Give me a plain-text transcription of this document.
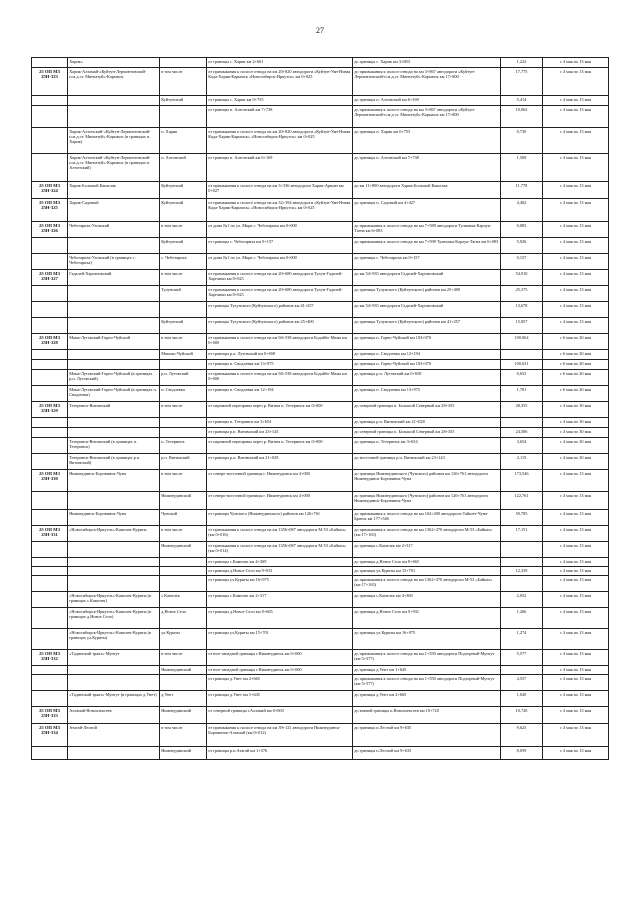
27
	Харик»		от границы с. Харик км 2+661	до границы с. Харик км 3+883	1,222	с 4 мая по 13 мая
25 ОП МЗ 25Н-323	Харик-Алзамай-«Куйтун-Лермонтовский-п.м.д.ст. Мингатуй»-Карымск	в том числе	от примыкания к полосе отвода на км 20+820 автодороги «Куйтун-Уян-Новая Када-Харик-Карымск «Новосибирск-Иркутск» км 0+025	до примыкания к полосе отвода на км 3+867 автодороги «Куйтун-Лермонтовский-п.м.д.ст. Мингатуй»-Карымск км 17+800	17,775	с 4 мая по 13 мая
		Куйтунский	от границы с. Харик км 0+755	до границы п. Алтонский км 6+169	5,414	с 4 мая по 13 мая
			от границы п. Алтонский км 7+738	до примыкания к полосе отвода на км 3+867 автодороги «Куйтун-Лермонтовский-п.м.д.ст. Мингатуй»-Карымск км 17+800	10,062	с 4 мая по 13 мая
	Харик-Алтонский-«Куйтун-Лермонтовский-п.м.д.ст. Мингатуй»-Карымск (в границах п. Харик)	п. Харик	от примыкания к полосе отвода на км 20+820 автодороги «Куйтун-Уян-Новая Када-Харик-Карымск» «Новосибирск-Иркутск» км 0+025	до границы п. Харик км 0+755	0,730	с 4 мая по 13 мая
	Харик-Алтонский-«Куйтун-Лермонтовский-п.м.д.ст. Мингатуй»-Карымск (в границах п. Алтонский)	п. Алтонский	от границы п. Алтонский км 6+169	до границы п. Алтонский км 7+738	1,569	с 4 мая по 13 мая
25 ОП МЗ 25Н-324	Харик-Большой Кашелак	Куйтунский	от примыкания к полосе отвода на км 3+336 автодороги Харик-Аршан км 0+027	до км 11+800 автодороги Харик-Большой Кашелак	11,778	с 4 мая по 13 мая
25 ОП МЗ 25Н-325	Харик-Садовый	Куйтунский	от примыкания к полосе отвода на км 32+394 автодороги «Куйтун-Уян-Новая Када-Харик-Карымск» «Новосибирск-Иркутск» км 0+025	до границы п. Садовый км 4+427	4,402	с 4 мая по 13 мая
25 ОП МЗ 25Н-326	Чеботариха-Уховский	в том числе	от дома №1 по ул. Мира с. Чеботариха км 0+000	до примыкания к полосе отвода на км 7+588 автодороги Тулюшка-Карлук-Тагна км 6+083	6,083	с 4 мая по 13 мая
		Куйтунский	от границы с. Чеботариха км 0+157	до примыкания к полосе отвода на км 7+598 Тулюшка-Карлук-Тагна км 6+083	5,926	с 4 мая по 13 мая
	Чеботариха-Уховский (в границах с. Чеботариха)	с. Чеботариха	от дома №1 по ул. Мира с. Чеботариха км 0+000	до границы с. Чеботариха км 0+157	0,157	с 4 мая по 13 мая
25 ОП МЗ 25Н-327	Гадалей-Харгановский	в том числе	от примыкания к полосе отвода на км 20+680 автодороги Тулун-Гадалей-Харганки км 0+025	до км 54+935 автодороги Гадалей-Харгановский	54,910	с 4 мая по 13 мая
		Тулунский	от примыкания к полосе отвода на км 20+680 автодороги Тулун-Гадалей-Харганки км 0+025	до границы Тулунского (Куйтунского) районов км 25+400	25,375	с 4 мая по 13 мая
			от границы Тулунского (Куйтунского) районов км 41+257	до км 54+935 автодороги Гадалей-Харгановский	13,678	с 4 мая по 13 мая
		Куйтунский	от границы Тулунского (Куйтунского) районов км 25+400	до границы Тулунского (Куйтунского) районов км 41+257	15,857	с 4 мая по 13 мая
25 ОП МЗ 25Н-328	Мама-Лутовский-Горно-Чуйский	в том числе	от примыкания к полосе отвода на км 94+538 автодороги Бодайбо-Мама км 0+000	до границы п. Горно-Чуйский км 103+070	100,064	с 6 мая по 20 мая
		Мамско-Чуйский	от границы р.п. Лутовский км 0+658	до границы п. Сводлевка км 12+194		с 6 мая по 20 мая
			от границы п. Сводлевка км 13+975	до границы п. Горно-Чуйский км 103+070	100,631	с 6 мая по 20 мая
	Мама-Лутовский-Горно-Чуйский (в границах р.п. Лутовский)	р.п. Лутовский	от примыкания к полосе отвода на км 94+538 автодороги Бодайбо-Мама км 0+000	до границы р.п. Лутовский км 0+658	0,652	с 6 мая по 20 мая
	Мама-Лутовский-Горно-Чуйский (в границах п. Сводлевка)	п. Сводлевка	от границы п. Сводлевка км 12+194	до границы п. Сводлевка км 13+975	1,781	с 6 мая по 20 мая
25 ОП МЗ 25Н-329	Тетеринск-Витимский	в том числе	от паромной переправы через р. Витим п. Тетеринск км 0+000	до северной границы п. Большой Северный км 28+355	28,355	с 4 мая по 30 мая
			от границы п. Тетеринск км 3+654	до границы р.п. Витимский км 21+028		с 4 мая по 30 мая
			от границы р.п. Витимский км 23+143	до северной границы п. Большой Северный км 28+355	24,586	с 4 мая по 30 мая
	Тетеринск-Витимский (в границах п. Тетеринск)	п. Тетеринск	от паромной переправы через р. Витим п. Тетеринск км 0+000	до границы п. Тетеринск км 3+654	3,654	с 4 мая по 30 мая
	Тетеринск-Витимский (в границах р.п. Витимский)	р.п. Витимский	от границы р.п. Витимский км 21+028	до восточной границы р.п. Витимский км 23+143	2,115	с 4 мая по 30 мая
25 ОП МЗ 25Н-330	Нижнеудинск-Боровинок-Чуна	в том числе	от северо-восточной границы г. Нижнеудинск км 4+000	до границы Нижнеудинского (Чунского) районов км 126+761 автодороги Нижнеудинск-Боровинок-Чуна	173,546	с 4 мая по 13 мая
		Нижнеудинский	от северо-восточной границы г. Нижнеудинск км 4+000	до границы Нижнеудинского (Чунского) районов км 126+761 автодороги Нижнеудинск-Боровинок-Чуна	122,761	с 4 мая по 13 мая
	Нижнеудинск-Боровинок-Чуна	Чунский	от границы Чунского (Нижнеудинского) районов км 126+761	до примыкания к полосе отвода на км 104+200 автодороги Тайшет-Чуна-Братск км 177+546	50,785	с 4 мая по 13 мая
25 ОП МЗ 25Н-331	«Новосибирск-Иркутск»-Камелек-Куряты	в том числе	от примыкания к полосе отвода на км 1356+087 автодороги М-53 «Байкал» (км 0+016)	до примыкания к полосе отвода на км 1362+370 автодороги М-53 «Байкал» (км 17+165)	17,151	с 4 мая по 13 мая
		Нижнеудинский	от примыкания к полосе отвода на км 1356+087 автодороги М-53 «Байкал» (км 0+014)	до границы с.Камелек км 2+317		с 4 мая по 13 мая
			от границы с.Камелек км 4+369	до границы д.Новое Село км 8+665		с 4 мая по 13 мая
			от границы д.Новое Село км 9+931	до границы ул.Куряты км 15+701	12,339	с 4 мая по 13 мая
			от границы ул.Куряты км 16+975	до примыкания к полосе отвода на км 1362+370 автодороги М-53 «Байкал» (км 17+165)		с 4 мая по 13 мая
	«Новосибирск-Иркутск»-Камелек-Куряты (в границах с.Камелек)	с.Камелек	от границы с.Камелек км 2+317	до границы с.Камелек км 4+369	2,052	с 4 мая по 13 мая
	«Новосибирск-Иркутск»-Камелек-Куряты (в границах д.Новое Село)	д.Новое Село	от границы д.Новое Село км 8+665	до границы д.Новое Село км 9+931	1,266	с 4 мая по 13 мая
	«Новосибирск-Иркутск»-Камелек-Куряты (в границах ул.Куряты)	ул.Куряты	от границы ул.Куряты км 15+701	до границы ул.Куряты км 16+975	1,274	с 4 мая по 13 мая
25 ОП МЗ 25Н-332	«Тадинский тракт»-Мунгут	в том числе	от юго-западной границы г.Нижнеудинск км 0+000	до примыкания к полосе отвода на км 1+550 автодороги Подгорный-Мунгут (км 5+577)	5,577	с 4 мая по 13 мая
		Нижнеудинский	от юго-западной границы г.Нижнеудинск км 0+000	до границы д.Унет км 1+645		с 4 мая по 13 мая
			от границы д.Унет км 2+665	до примыкания к полосе отвода на км 1+550 автодороги Подгорный-Мунгут (км 5+577)	4,557	с 4 мая по 13 мая
	«Тадинский тракт»-Мунгут (в границах д.Унет)	д.Унет	от границы д.Унет км 1+645	до границы д.Унет км 2+665	1,020	с 4 мая по 13 мая
25 ОП МЗ 25Н-333	Алзамай-Новоалексеев	Нижнеудинский	от северной границы г.Алзамай км 0+000	до южной границы п.Новоалексеев км 10+720	10,720	с 4 мая по 13 мая
25 ОП МЗ 25Н-334	Атагай-Лесной	в том числе	от примыкания к полосе отвода на км 39+121 автодороги Нижнеудинск-Боровинок-Алзамай (км 0+012)	до границы п.Лесной км 9+635	9,623	с 4 мая по 13 мая
		Нижнеудинский	от границы р.п.Атагай км 1+576	до границы п.Лесной км 9+635	8,059	с 4 мая по 13 мая
